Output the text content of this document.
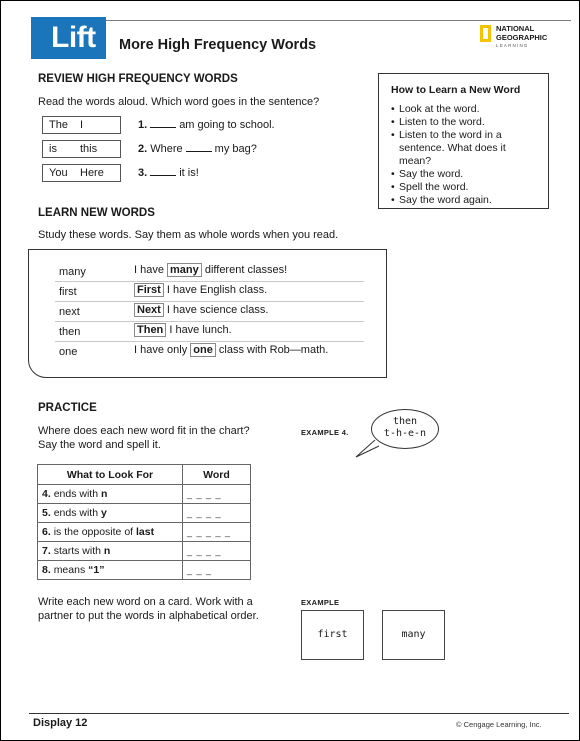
Lift	More High Frequency Words
NATIONAL
GEOGRAPHIC
LEARNING
REVIEW HIGH FREQUENCY WORDS
Read the words aloud. Which word goes in the sentence?
The I
is this
You Here
1.	am going to school.
2. Where	my bag?
3.	it is!
How to Learn a New Word
• Look at the word.
• Listen to the word.
• Listen to the word in a sentence. What does it mean?
• Say the word.
• Spell the word.
• Say the word again.
LEARN NEW WORDS
Study these words. Say them as whole words when you read.
many	I have many different classes!
first	First I have English class.
next	Next I have science class.
then	Then I have lunch.
one	I have only one class with Rob—math.
PRACTICE
Where does each new word fit in the chart?
Say the word and spell it.
EXAMPLE 4.
then
t-h-e-n
What to Look For	Word
4. ends with n	_ _ _ _
5. ends with y	_ _ _ _
6. is the opposite of last	_ _ _ _ _
7. starts with n	_ _ _ _
8. means “1”	_ _ _
Write each new word on a card. Work with a
partner to put the words in alphabetical order.
EXAMPLE
first	many
Display 12	© Cengage Learning, Inc.
